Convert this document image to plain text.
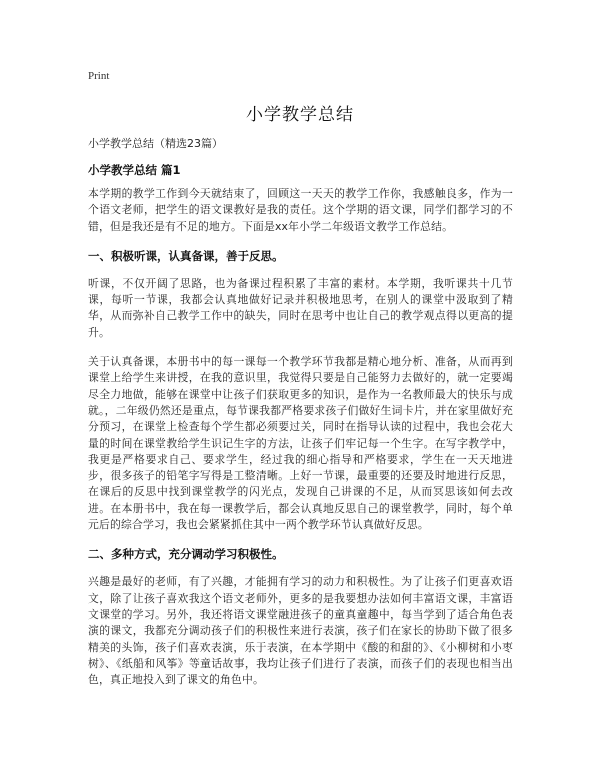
Print
小学教学总结

小学教学总结（精选23篇）

小学教学总结 篇1

本学期的教学工作到今天就结束了，回顾这一天天的教学工作你，我感触良多，作为一个语文老师，把学生的语文课教好是我的责任。这个学期的语文课，同学们都学习的不错，但是我还是有不足的地方。下面是xx年小学二年级语文教学工作总结。

一、积极听课，认真备课，善于反思。

听课，不仅开阔了思路，也为备课过程积累了丰富的素材。本学期，我听课共十几节课，每听一节课，我都会认真地做好记录并积极地思考，在别人的课堂中汲取到了精华，从而弥补自己教学工作中的缺失，同时在思考中也让自己的教学观点得以更高的提升。

关于认真备课，本册书中的每一课每一个教学环节我都是精心地分析、准备，从而再到课堂上给学生来讲授，在我的意识里，我觉得只要是自己能努力去做好的，就一定要竭尽全力地做，能够在课堂中让孩子们获取更多的知识，是作为一名教师最大的快乐与成就。，二年级仍然还是重点，每节课我都严格要求孩子们做好生词卡片，并在家里做好充分预习，在课堂上检查每个学生都必须要过关，同时在指导认读的过程中，我也会花大量的时间在课堂教给学生识记生字的方法，让孩子们牢记每一个生字。在写字教学中，我更是严格要求自己、要求学生，经过我的细心指导和严格要求，学生在一天天地进步，很多孩子的铅笔字写得是工整清晰。上好一节课，最重要的还要及时地进行反思，在课后的反思中找到课堂教学的闪光点，发现自己讲课的不足，从而冥思该如何去改进。在本册书中，我在每一课教学后，都会认真地反思自己的课堂教学，同时，每个单元后的综合学习，我也会紧紧抓住其中一两个教学环节认真做好反思。

二、多种方式，充分调动学习积极性。

兴趣是最好的老师，有了兴趣，才能拥有学习的动力和积极性。为了让孩子们更喜欢语文，除了让孩子喜欢我这个语文老师外，更多的是我要想办法如何丰富语文课，丰富语文课堂的学习。另外，我还将语文课堂融进孩子的童真童趣中，每当学到了适合角色表演的课文，我都充分调动孩子们的积极性来进行表演，孩子们在家长的协助下做了很多精美的头饰，孩子们喜欢表演，乐于表演，在本学期中《酸的和甜的》、《小柳树和小枣树》、《纸船和风筝》等童话故事，我均让孩子们进行了表演，而孩子们的表现也相当出色，真正地投入到了课文的角色中。
